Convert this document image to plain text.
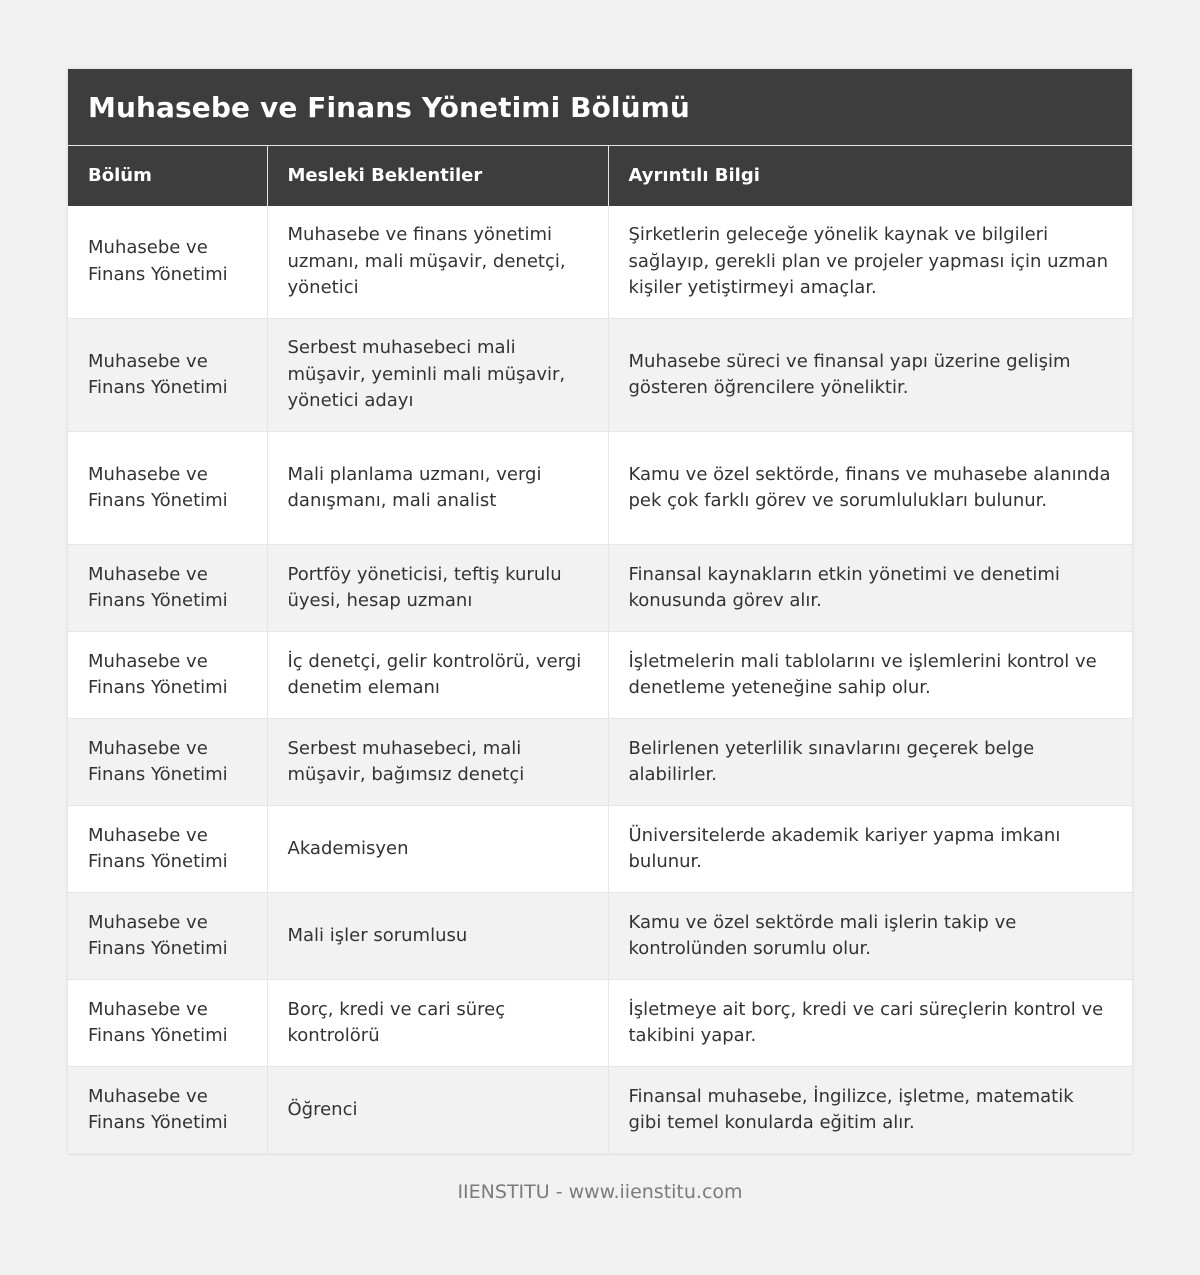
Muhasebe ve Finans Yönetimi Bölümü
Bölüm	Mesleki Beklentiler	Ayrıntılı Bilgi
Muhasebe ve Finans Yönetimi	Muhasebe ve finans yönetimi uzmanı, mali müşavir, denetçi, yönetici	Şirketlerin geleceğe yönelik kaynak ve bilgileri sağlayıp, gerekli plan ve projeler yapması için uzman kişiler yetiştirmeyi amaçlar.
Muhasebe ve Finans Yönetimi	Serbest muhasebeci mali müşavir, yeminli mali müşavir, yönetici adayı	Muhasebe süreci ve finansal yapı üzerine gelişim gösteren öğrencilere yöneliktir.
Muhasebe ve Finans Yönetimi	Mali planlama uzmanı, vergi danışmanı, mali analist	Kamu ve özel sektörde, finans ve muhasebe alanında pek çok farklı görev ve sorumlulukları bulunur.
Muhasebe ve Finans Yönetimi	Portföy yöneticisi, teftiş kurulu üyesi, hesap uzmanı	Finansal kaynakların etkin yönetimi ve denetimi konusunda görev alır.
Muhasebe ve Finans Yönetimi	İç denetçi, gelir kontrolörü, vergi denetim elemanı	İşletmelerin mali tablolarını ve işlemlerini kontrol ve denetleme yeteneğine sahip olur.
Muhasebe ve Finans Yönetimi	Serbest muhasebeci, mali müşavir, bağımsız denetçi	Belirlenen yeterlilik sınavlarını geçerek belge alabilirler.
Muhasebe ve Finans Yönetimi	Akademisyen	Üniversitelerde akademik kariyer yapma imkanı bulunur.
Muhasebe ve Finans Yönetimi	Mali işler sorumlusu	Kamu ve özel sektörde mali işlerin takip ve kontrolünden sorumlu olur.
Muhasebe ve Finans Yönetimi	Borç, kredi ve cari süreç kontrolörü	İşletmeye ait borç, kredi ve cari süreçlerin kontrol ve takibini yapar.
Muhasebe ve Finans Yönetimi	Öğrenci	Finansal muhasebe, İngilizce, işletme, matematik gibi temel konularda eğitim alır.
IIENSTITU - www.iienstitu.com
